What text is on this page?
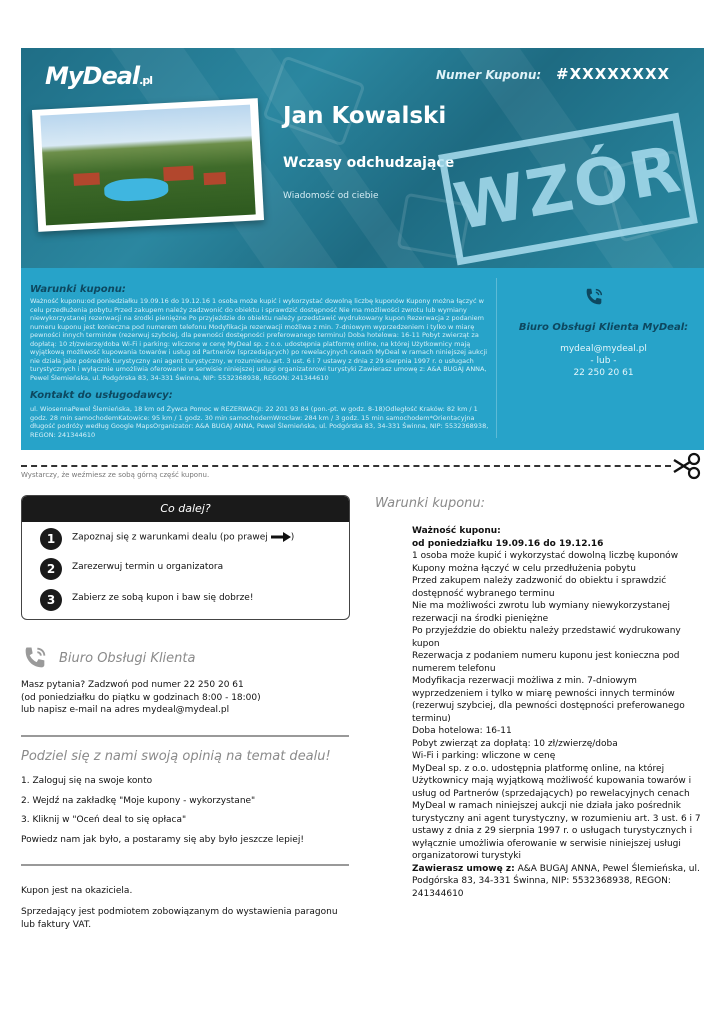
MyDeal.pl	Numer Kuponu: #XXXXXXXX
Jan Kowalski
Wczasy odchudzające
Wiadomość od ciebie WZÓR
Warunki kuponu:
Ważność kuponu:od poniedziałku 19.09.16 do 19.12.16 1 osoba może kupić i wykorzystać dowolną liczbę kuponów Kupony można łączyć w celu przedłużenia pobytu Przed zakupem należy zadzwonić do obiektu i sprawdzić dostępność Nie ma możliwości zwrotu lub wymiany niewykorzystanej rezerwacji na środki pieniężne Po przyjeździe do obiektu należy przedstawić wydrukowany kupon Rezerwacja z podaniem numeru kuponu jest konieczna pod numerem telefonu Modyfikacja rezerwacji możliwa z min. 7-dniowym wyprzedzeniem i tylko w miarę pewności innych terminów (rezerwuj szybciej, dla pewności dostępności preferowanego terminu) Doba hotelowa: 16-11 Pobyt zwierząt za dopłatą: 10 zł/zwierzę/doba Wi-Fi i parking: wliczone w cenę MyDeal sp. z o.o. udostępnia platformę online, na której Użytkownicy mają wyjątkową możliwość kupowania towarów i usług od Partnerów (sprzedających) po rewelacyjnych cenach MyDeal w ramach niniejszej aukcji nie działa jako pośrednik turystyczny ani agent turystyczny, w rozumieniu art. 3 ust. 6 i 7 ustawy z dnia z 29 sierpnia 1997 r. o usługach turystycznych i wyłącznie umożliwia oferowanie w serwisie niniejszej usługi organizatorowi turystyki Zawierasz umowę z: A&A BUGAJ ANNA, Pewel Ślemieńska, ul. Podgórska 83, 34-331 Świnna, NIP: 5532368938, REGON: 241344610
Kontakt do usługodawcy:
ul. WiosennaPewel Ślemieńska, 18 km od Żywca Pomoc w REZERWACJI: 22 201 93 84 (pon.-pt. w godz. 8-18)Odległość Kraków: 82 km / 1 godz. 28 min samochodemKatowice: 95 km / 1 godz. 30 min samochodemWrocław: 284 km / 3 godz. 15 min samochodem*Orientacyjna długość podróży według Google MapsOrganizator: A&A BUGAJ ANNA, Pewel Ślemieńska, ul. Podgórska 83, 34-331 Świnna, NIP: 5532368938, REGON: 241344610
Biuro Obsługi Klienta MyDeal:
mydeal@mydeal.pl
- lub -
22 250 20 61
Wystarczy, że weźmiesz ze sobą górną część kuponu.
Co dalej?
1	Zapoznaj się z warunkami dealu (po prawej	)
2	Zarezerwuj termin u organizatora
3	Zabierz ze sobą kupon i baw się dobrze!
Biuro Obsługi Klienta
Masz pytania? Zadzwoń pod numer 22 250 20 61
(od poniedziałku do piątku w godzinach 8:00 - 18:00)
lub napisz e-mail na adres mydeal@mydeal.pl
Podziel się z nami swoją opinią na temat dealu!
1. Zaloguj się na swoje konto
2. Wejdź na zakładkę "Moje kupony - wykorzystane"
3. Kliknij w "Oceń deal to się opłaca"
Powiedz nam jak było, a postaramy się aby było jeszcze lepiej!
Kupon jest na okaziciela.
Sprzedający jest podmiotem zobowiązanym do wystawienia paragonu lub faktury VAT.
Warunki kuponu:
Ważność kuponu:
od poniedziałku 19.09.16 do 19.12.16
1 osoba może kupić i wykorzystać dowolną liczbę kuponów
Kupony można łączyć w celu przedłużenia pobytu
Przed zakupem należy zadzwonić do obiektu i sprawdzić dostępność wybranego terminu
Nie ma możliwości zwrotu lub wymiany niewykorzystanej rezerwacji na środki pieniężne
Po przyjeździe do obiektu należy przedstawić wydrukowany kupon
Rezerwacja z podaniem numeru kuponu jest konieczna pod numerem telefonu
Modyfikacja rezerwacji możliwa z min. 7-dniowym wyprzedzeniem i tylko w miarę pewności innych terminów (rezerwuj szybciej, dla pewności dostępności preferowanego terminu)
Doba hotelowa: 16-11
Pobyt zwierząt za dopłatą: 10 zł/zwierzę/doba
Wi-Fi i parking: wliczone w cenę
MyDeal sp. z o.o. udostępnia platformę online, na której Użytkownicy mają wyjątkową możliwość kupowania towarów i usług od Partnerów (sprzedających) po rewelacyjnych cenach
MyDeal w ramach niniejszej aukcji nie działa jako pośrednik turystyczny ani agent turystyczny, w rozumieniu art. 3 ust. 6 i 7 ustawy z dnia z 29 sierpnia 1997 r. o usługach turystycznych i wyłącznie umożliwia oferowanie w serwisie niniejszej usługi organizatorowi turystyki
Zawierasz umowę z: A&A BUGAJ ANNA, Pewel Ślemieńska, ul. Podgórska 83, 34-331 Świnna, NIP: 5532368938, REGON: 241344610
